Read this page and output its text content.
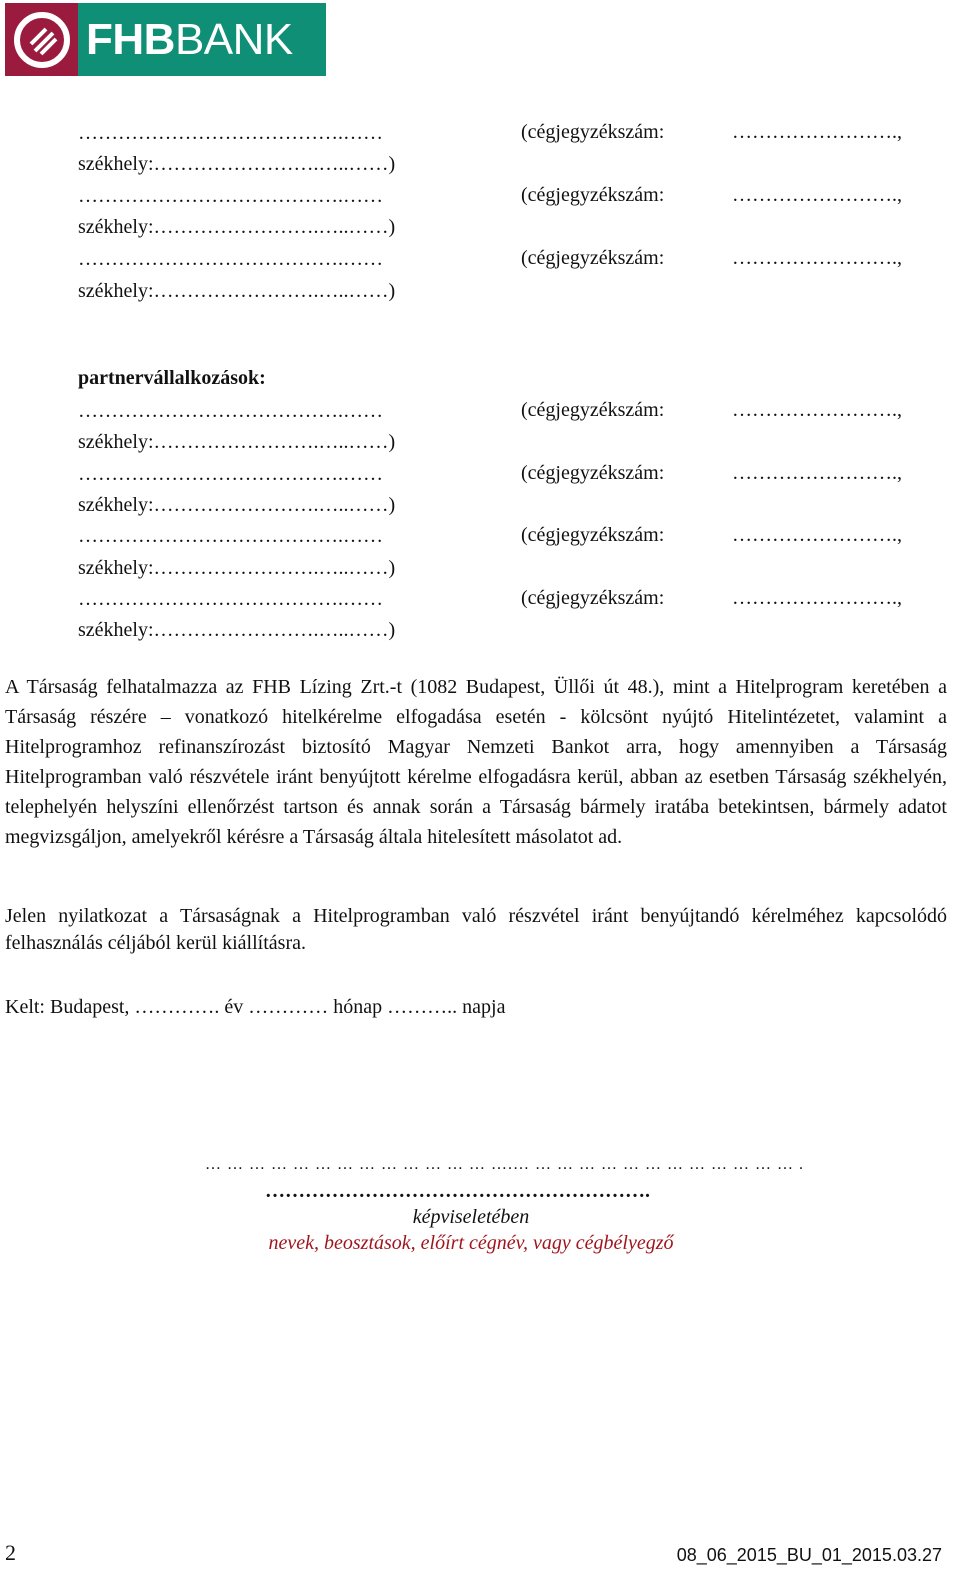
FHB BANK
………………………………….……	(cégjegyzékszám:	…………………….,
székhely:…………………….…..……)
………………………………….……	(cégjegyzékszám:	…………………….,
székhely:…………………….…..……)
………………………………….……	(cégjegyzékszám:	…………………….,
székhely:…………………….…..……)
partnervállalkozások:
………………………………….……	(cégjegyzékszám:	…………………….,
székhely:…………………….…..……)
………………………………….……	(cégjegyzékszám:	…………………….,
székhely:…………………….…..……)
………………………………….……	(cégjegyzékszám:	…………………….,
székhely:…………………….…..……)
………………………………….……	(cégjegyzékszám:	…………………….,
székhely:…………………….…..……)
A Társaság felhatalmazza az FHB Lízing Zrt.-t (1082 Budapest, Üllői út 48.), mint a Hitelprogram keretében a Társaság részére – vonatkozó hitelkérelme elfogadása esetén - kölcsönt nyújtó Hitelintézetet, valamint a Hitelprogramhoz refinanszírozást biztosító Magyar Nemzeti Bankot arra, hogy amennyiben a Társaság Hitelprogramban való részvétele iránt benyújtott kérelme elfogadásra kerül, abban az esetben Társaság székhelyén, telephelyén helyszíni ellenőrzést tartson és annak során a Társaság bármely iratába betekintsen, bármely adatot megvizsgáljon, amelyekről kérésre a Társaság általa hitelesített másolatot ad.
Jelen nyilatkozat a Társaságnak a Hitelprogramban való részvétel iránt benyújtandó kérelméhez kapcsolódó felhasználás céljából kerül kiállításra.
Kelt: Budapest, …………. év ………… hónap ……….. napja
… … … … … … … … … … … … … ….… … … … … … … … … … … … … .
………………………………………………….
képviseletében
nevek, beosztások, előírt cégnév, vagy cégbélyegző
2	08_06_2015_BU_01_2015.03.27
